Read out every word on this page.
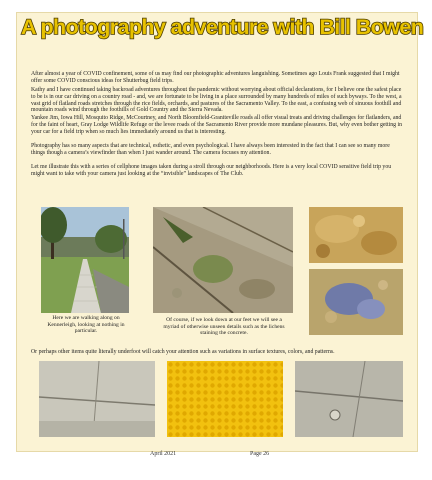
A photography adventure with Bill Bowen

After almost a year of COVID confinement, some of us may find our photographic adventures languishing. Sometimes ago Louis Frank suggested that I might offer some COVID conscious ideas for Shutterbug field trips.

Kathy and I have continued taking backroad adventures throughout the pandemic without worrying about official declarations, for I believe one the safest place to be is in our car driving on a country road - and, we are fortunate to be living in a place surrounded by many hundreds of miles of such byways. To the west, a vast grid of flatland roads stretches through the rice fields, orchards, and pastures of the Sacramento Valley. To the east, a confusing web of sinuous foothill and mountain roads wind through the foothills of Gold Country and the Sierra Nevada.

Yankee Jim, Iowa Hill, Mosquito Ridge, McCourtney, and North Bloomfield-Graniteville roads all offer visual treats and driving challenges for flatlanders, and for the faint of heart, Gray Lodge Wildlife Refuge or the levee roads of the Sacramento River provide more mundane pleasures. But, why even bother getting in your car for a field trip when so much lies immediately around us that is interesting.

Photography has so many aspects that are technical, esthetic, and even psychological. I have always been interested in the fact that I can see so many more things though a camera’s viewfinder than when I just wander around. The camera focuses my attention.

Let me illustrate this with a series of cellphone images taken during a stroll through our neighborhoods. Here is a very local COVID sensitive field trip you might want to take with your camera just looking at the “invisible” landscapes of The Club.

Here we are walking along on Kennerleigh, looking at nothing in particular.

Of course, if we look down at our feet we will see a myriad of otherwise unseen details such as the lichens staining the concrete.

Or perhaps other items quite literally underfoot will catch your attention such as variations in surface textures, colors, and patterns.

April 2021	Page 26
